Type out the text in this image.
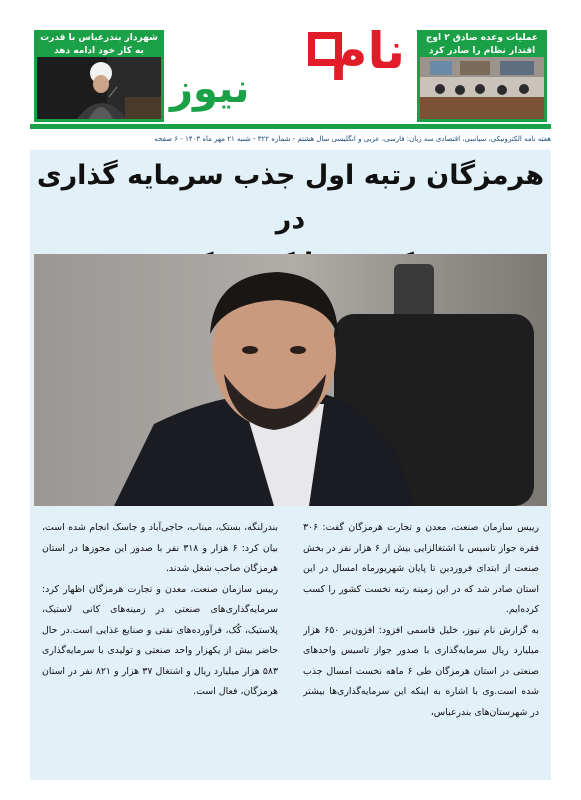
شهردار بندرعباس با قدرت به کار خود ادامه دهد	نام
نیوز
عملیات وعده صادق ۲ اوج اقتدار نظام را صادر کرد
هفته نامه الکترونیکی، سیاسی، اقتصادی سه زبان: فارسی، عربی و انگلیسی سال هشتم - شماره ۳۲۲ - شنبه ۲۱ مهر ماه ۱۴۰۳ - ۶ صفحه
هرمزگان رتبه اول جذب سرمایه گذاری در

رییس سازمان صنعت، معدن و تجارت هرمزگان گفت: ۳۰۶ فقره جواز تاسیس با اشتغالزایی بیش از ۶ هزار نفر در بخش صنعت از ابتدای فروردین تا پایان شهریورماه امسال در این استان صادر شد که در این زمینه رتبه نخست کشور را کسب کرده‌ایم.

به گزارش نام نیوز، خلیل قاسمی افزود: افزون‌بر ۶۵۰ هزار میلیارد ریال سرمایه‌گذاری با صدور جواز تاسیس واحدهای صنعتی در استان هرمزگان طی ۶ ماهه نخست امسال جذب شده است.وی با اشاره به اینکه این سرمایه‌گذاری‌ها بیشتر در شهرستان‌های بندرعباس،

بندرلنگه، بستک، میناب، حاجی‌آباد و جاسک انجام شده است، بیان کرد: ۶ هزار و ۳۱۸ نفر با صدور این مجوزها در استان هرمزگان صاحب شغل شدند.

رییس سازمان صنعت، معدن و تجارت هرمزگان اظهار کرد: سرمایه‌گذاری‌های صنعتی در زمینه‌های کانی لاستیک، پلاستیک، کُک، فرآورده‌های نفتی و صنایع غذایی است.در حال حاضر بیش از یکهزار واحد صنعتی و تولیدی با سرمایه‌گذاری ۵۸۳ هزار میلیارد ریال و اشتغال ۳۷ هزار و ۸۲۱ نفر در استان هرمزگان، فعال است.
